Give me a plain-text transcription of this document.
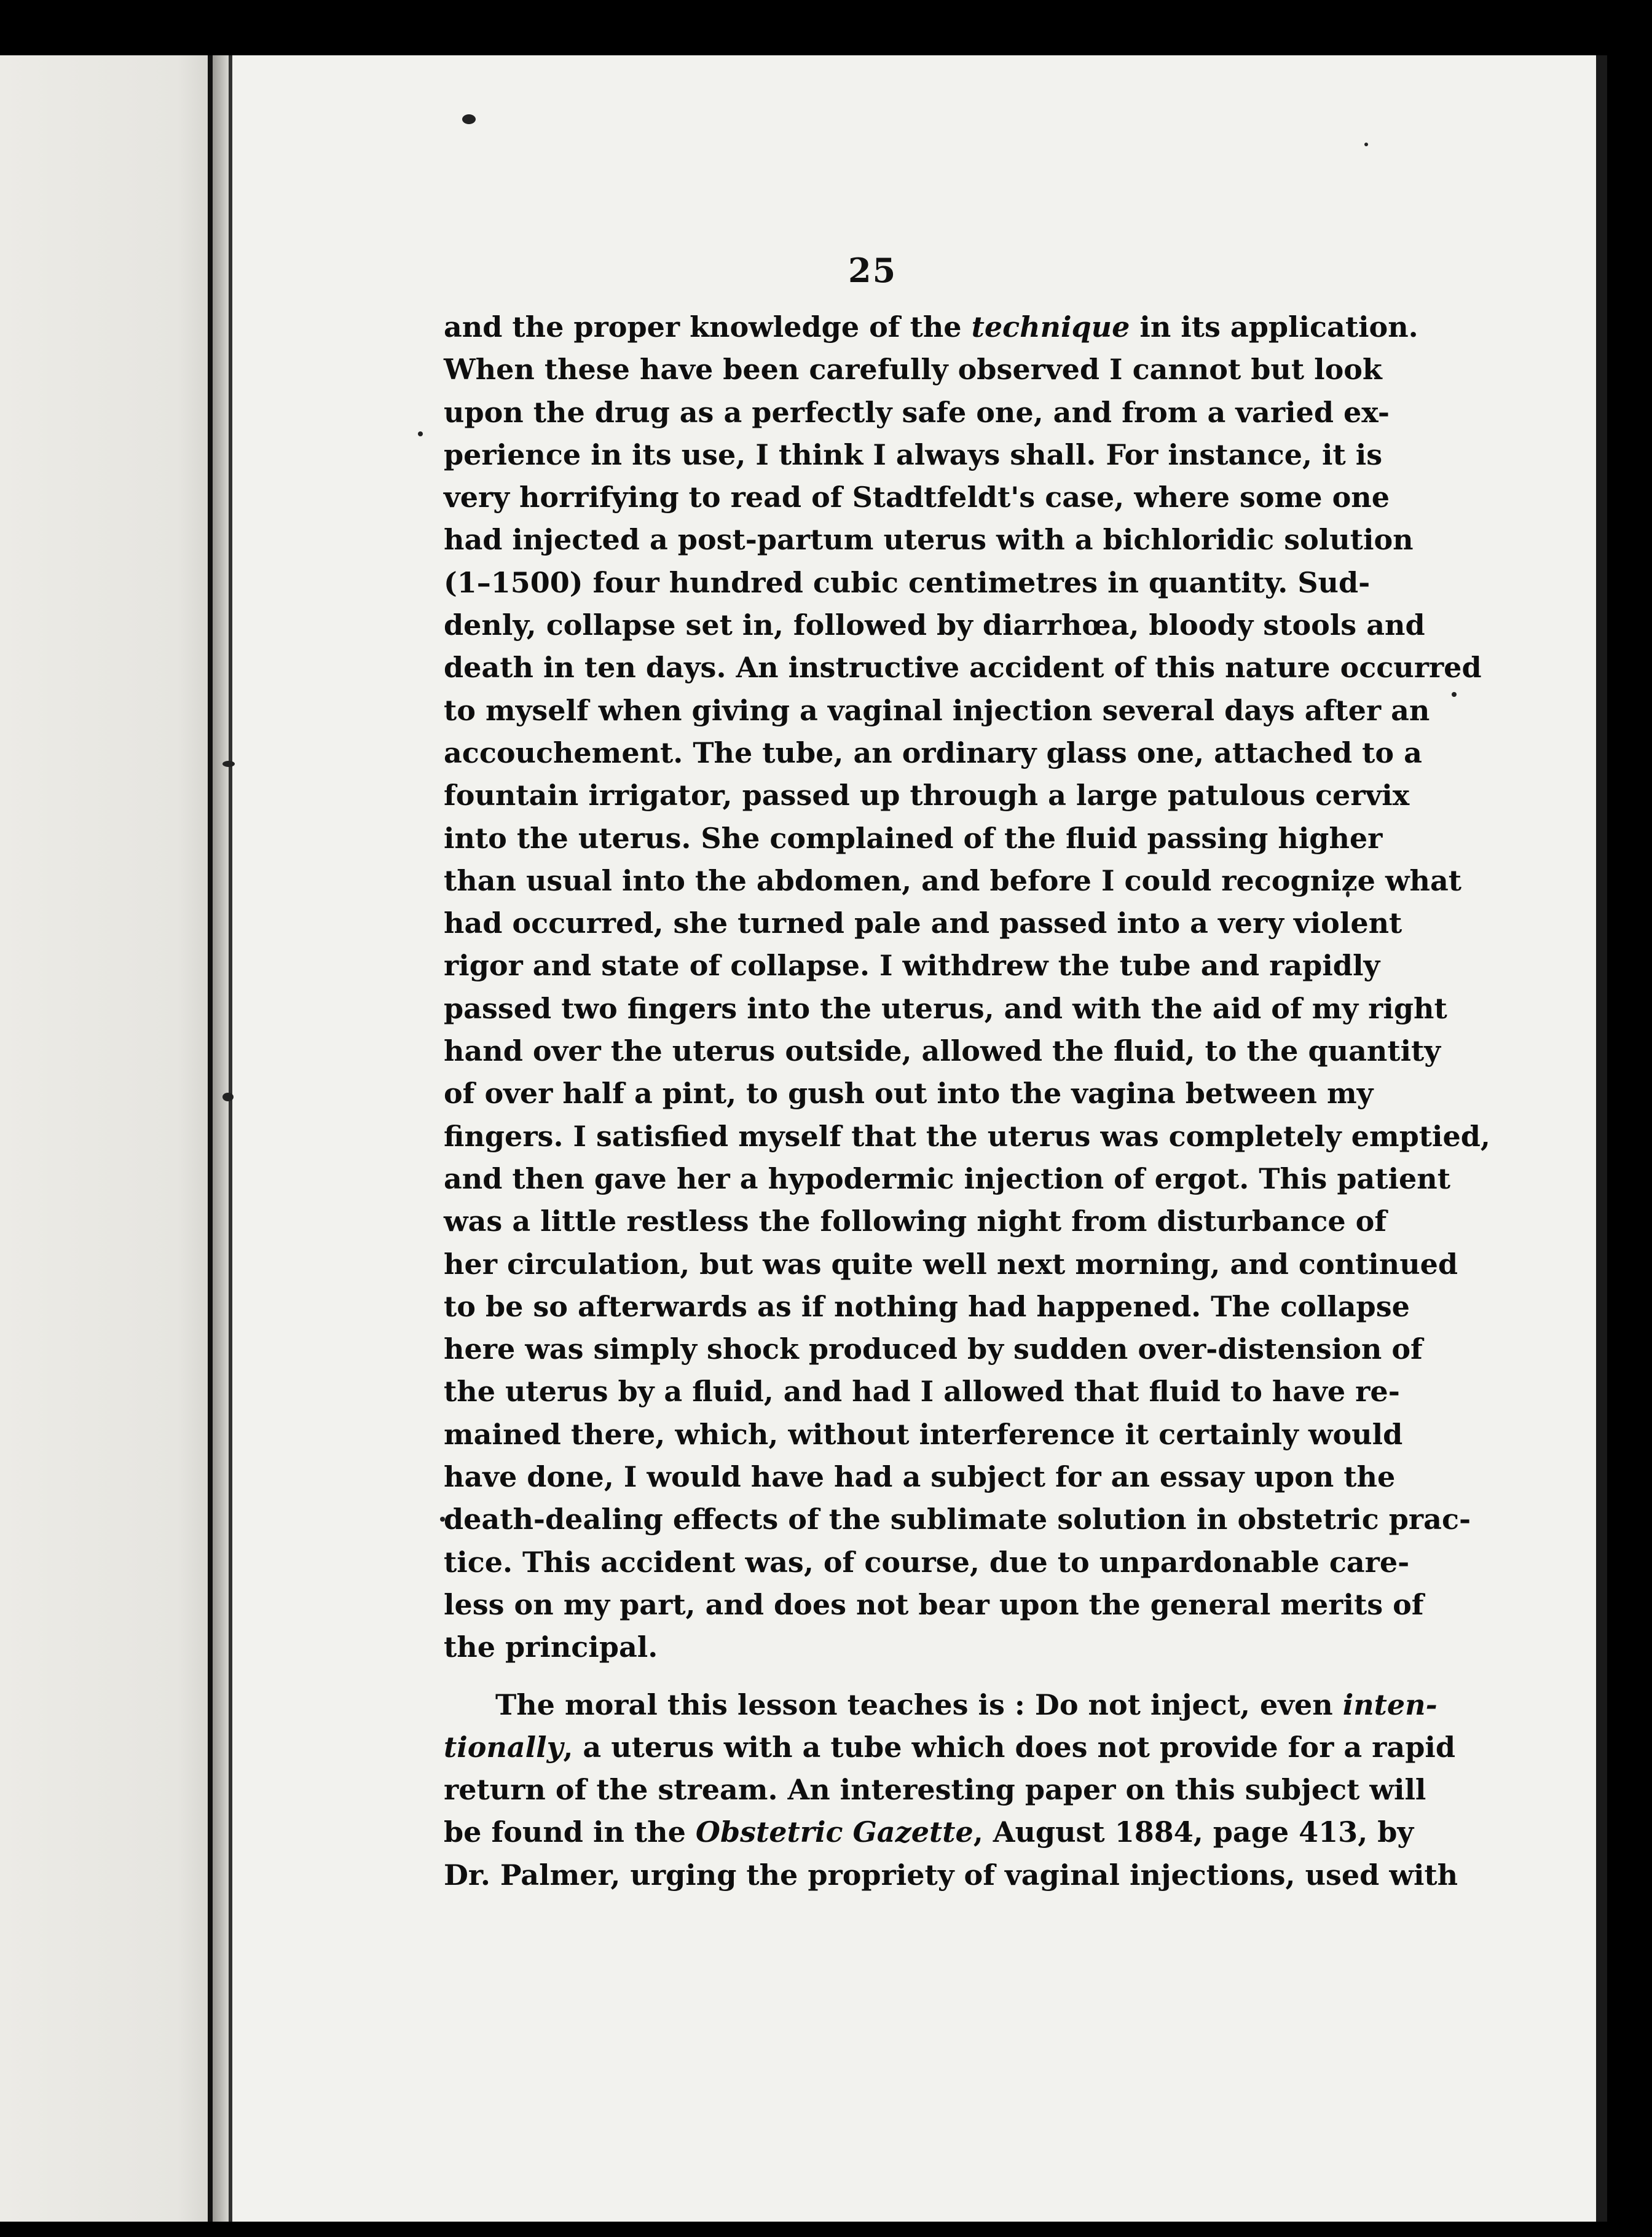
25
and the proper knowledge of the technique in its application.
When these have been carefully observed I cannot but look
upon the drug as a perfectly safe one, and from a varied ex-
perience in its use, I think I always shall. For instance, it is
very horrifying to read of Stadtfeldt's case, where some one
had injected a post-partum uterus with a bichloridic solution
(1–1500) four hundred cubic centimetres in quantity. Sud-
denly, collapse set in, followed by diarrhœa, bloody stools and
death in ten days. An instructive accident of this nature occurred
to myself when giving a vaginal injection several days after an
accouchement. The tube, an ordinary glass one, attached to a
fountain irrigator, passed up through a large patulous cervix
into the uterus. She complained of the fluid passing higher
than usual into the abdomen, and before I could recognize what
had occurred, she turned pale and passed into a very violent
rigor and state of collapse. I withdrew the tube and rapidly
passed two fingers into the uterus, and with the aid of my right
hand over the uterus outside, allowed the fluid, to the quantity
of over half a pint, to gush out into the vagina between my
fingers. I satisfied myself that the uterus was completely emptied,
and then gave her a hypodermic injection of ergot. This patient
was a little restless the following night from disturbance of
her circulation, but was quite well next morning, and continued
to be so afterwards as if nothing had happened. The collapse
here was simply shock produced by sudden over-distension of
the uterus by a fluid, and had I allowed that fluid to have re-
mained there, which, without interference it certainly would
have done, I would have had a subject for an essay upon the
death-dealing effects of the sublimate solution in obstetric prac-
tice. This accident was, of course, due to unpardonable care-
less on my part, and does not bear upon the general merits of
the principal.
The moral this lesson teaches is : Do not inject, even inten-
tionally, a uterus with a tube which does not provide for a rapid
return of the stream. An interesting paper on this subject will
be found in the Obstetric Gazette, August 1884, page 413, by
Dr. Palmer, urging the propriety of vaginal injections, used with
